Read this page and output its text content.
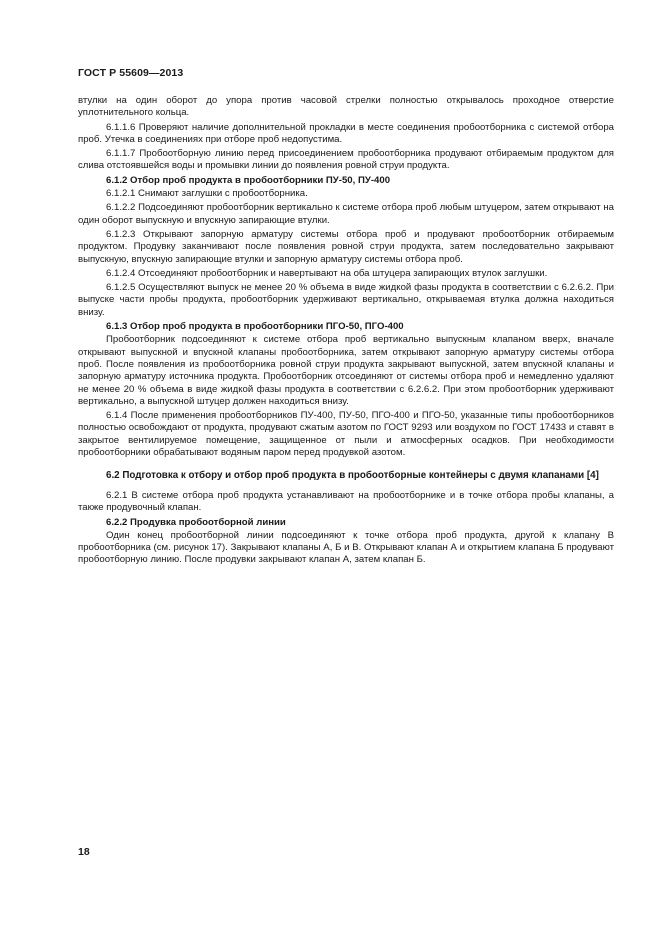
ГОСТ Р 55609—2013

втулки на один оборот до упора против часовой стрелки полностью открывалось проходное отверстие уплотнительного кольца.

6.1.1.6 Проверяют наличие дополнительной прокладки в месте соединения пробоотборника с системой отбора проб. Утечка в соединениях при отборе проб недопустима.

6.1.1.7 Пробоотборную линию перед присоединением пробоотборника продувают отбираемым продуктом для слива отстоявшейся воды и промывки линии до появления ровной струи продукта.

6.1.2 Отбор проб продукта в пробоотборники ПУ-50, ПУ-400

6.1.2.1 Снимают заглушки с пробоотборника.

6.1.2.2 Подсоединяют пробоотборник вертикально к системе отбора проб любым штуцером, затем открывают на один оборот выпускную и впускную запирающие втулки.

6.1.2.3 Открывают запорную арматуру системы отбора проб и продувают пробоотборник отбираемым продуктом. Продувку заканчивают после появления ровной струи продукта, затем последовательно закрывают выпускную, впускную запирающие втулки и запорную арматуру системы отбора проб.

6.1.2.4 Отсоединяют пробоотборник и навертывают на оба штуцера запирающих втулок заглушки.

6.1.2.5 Осуществляют выпуск не менее 20 % объема в виде жидкой фазы продукта в соответствии с 6.2.6.2. При выпуске части пробы продукта, пробоотборник удерживают вертикально, открываемая втулка должна находиться внизу.

6.1.3 Отбор проб продукта в пробоотборники ПГО-50, ПГО-400

Пробоотборник подсоединяют к системе отбора проб вертикально выпускным клапаном вверх, вначале открывают выпускной и впускной клапаны пробоотборника, затем открывают запорную арматуру системы отбора проб. После появления из пробоотборника ровной струи продукта закрывают выпускной, затем впускной клапаны и запорную арматуру источника продукта. Пробоотборник отсоединяют от системы отбора проб и немедленно удаляют не менее 20 % объема в виде жидкой фазы продукта в соответствии с 6.2.6.2. При этом пробоотборник удерживают вертикально, а выпускной штуцер должен находиться внизу.

6.1.4 После применения пробоотборников ПУ-400, ПУ-50, ПГО-400 и ПГО-50, указанные типы пробоотборников полностью освобождают от продукта, продувают сжатым азотом по ГОСТ 9293 или воздухом по ГОСТ 17433 и ставят в закрытое вентилируемое помещение, защищенное от пыли и атмосферных осадков. При необходимости пробоотборники обрабатывают водяным паром перед продувкой азотом.

6.2 Подготовка к отбору и отбор проб продукта в пробоотборные контейнеры с двумя клапанами [4]

6.2.1 В системе отбора проб продукта устанавливают на пробоотборнике и в точке отбора пробы клапаны, а также продувочный клапан.

6.2.2 Продувка пробоотборной линии

Один конец пробоотборной линии подсоединяют к точке отбора проб продукта, другой к клапану В пробоотборника (см. рисунок 17). Закрывают клапаны А, Б и В. Открывают клапан А и открытием клапана Б продувают пробоотборную линию. После продувки закрывают клапан А, затем клапан Б.

18
